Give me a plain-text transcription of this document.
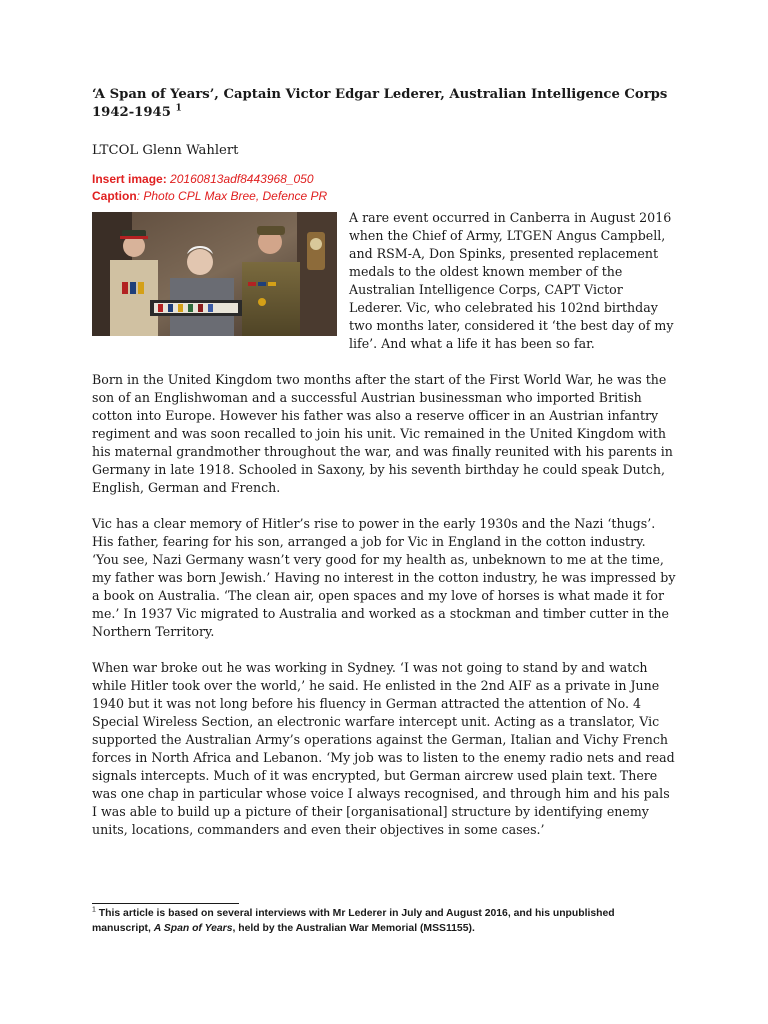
‘A Span of Years’, Captain Victor Edgar Lederer, Australian Intelligence Corps 1942-1945 $^1$

LTCOL Glenn Wahlert

Insert image: 20160813adf8443968_050
Caption: Photo CPL Max Bree, Defence PR

A rare event occurred in Canberra in August 2016 when the Chief of Army, LTGEN Angus Campbell, and RSM-A, Don Spinks, presented replacement medals to the oldest known member of the Australian Intelligence Corps, CAPT Victor Lederer. Vic, who celebrated his 102nd birthday two months later, considered it ‘the best day of my life’. And what a life it has been so far.

Born in the United Kingdom two months after the start of the First World War, he was the son of an Englishwoman and a successful Austrian businessman who imported British cotton into Europe. However his father was also a reserve officer in an Austrian infantry regiment and was soon recalled to join his unit. Vic remained in the United Kingdom with his maternal grandmother throughout the war, and was finally reunited with his parents in Germany in late 1918. Schooled in Saxony, by his seventh birthday he could speak Dutch, English, German and French.

Vic has a clear memory of Hitler’s rise to power in the early 1930s and the Nazi ‘thugs’. His father, fearing for his son, arranged a job for Vic in England in the cotton industry. ‘You see, Nazi Germany wasn’t very good for my health as, unbeknown to me at the time, my father was born Jewish.’ Having no interest in the cotton industry, he was impressed by a book on Australia. ‘The clean air, open spaces and my love of horses is what made it for me.’ In 1937 Vic migrated to Australia and worked as a stockman and timber cutter in the Northern Territory.

When war broke out he was working in Sydney. ‘I was not going to stand by and watch while Hitler took over the world,’ he said. He enlisted in the 2nd AIF as a private in June 1940 but it was not long before his fluency in German attracted the attention of No. 4 Special Wireless Section, an electronic warfare intercept unit. Acting as a translator, Vic supported the Australian Army’s operations against the German, Italian and Vichy French forces in North Africa and Lebanon. ‘My job was to listen to the enemy radio nets and read signals intercepts. Much of it was encrypted, but German aircrew used plain text. There was one chap in particular whose voice I always recognised, and through him and his pals I was able to build up a picture of their [organisational] structure by identifying enemy units, locations, commanders and even their objectives in some cases.’

$^1$ This article is based on several interviews with Mr Lederer in July and August 2016, and his unpublished manuscript, A Span of Years, held by the Australian War Memorial (MSS1155).
